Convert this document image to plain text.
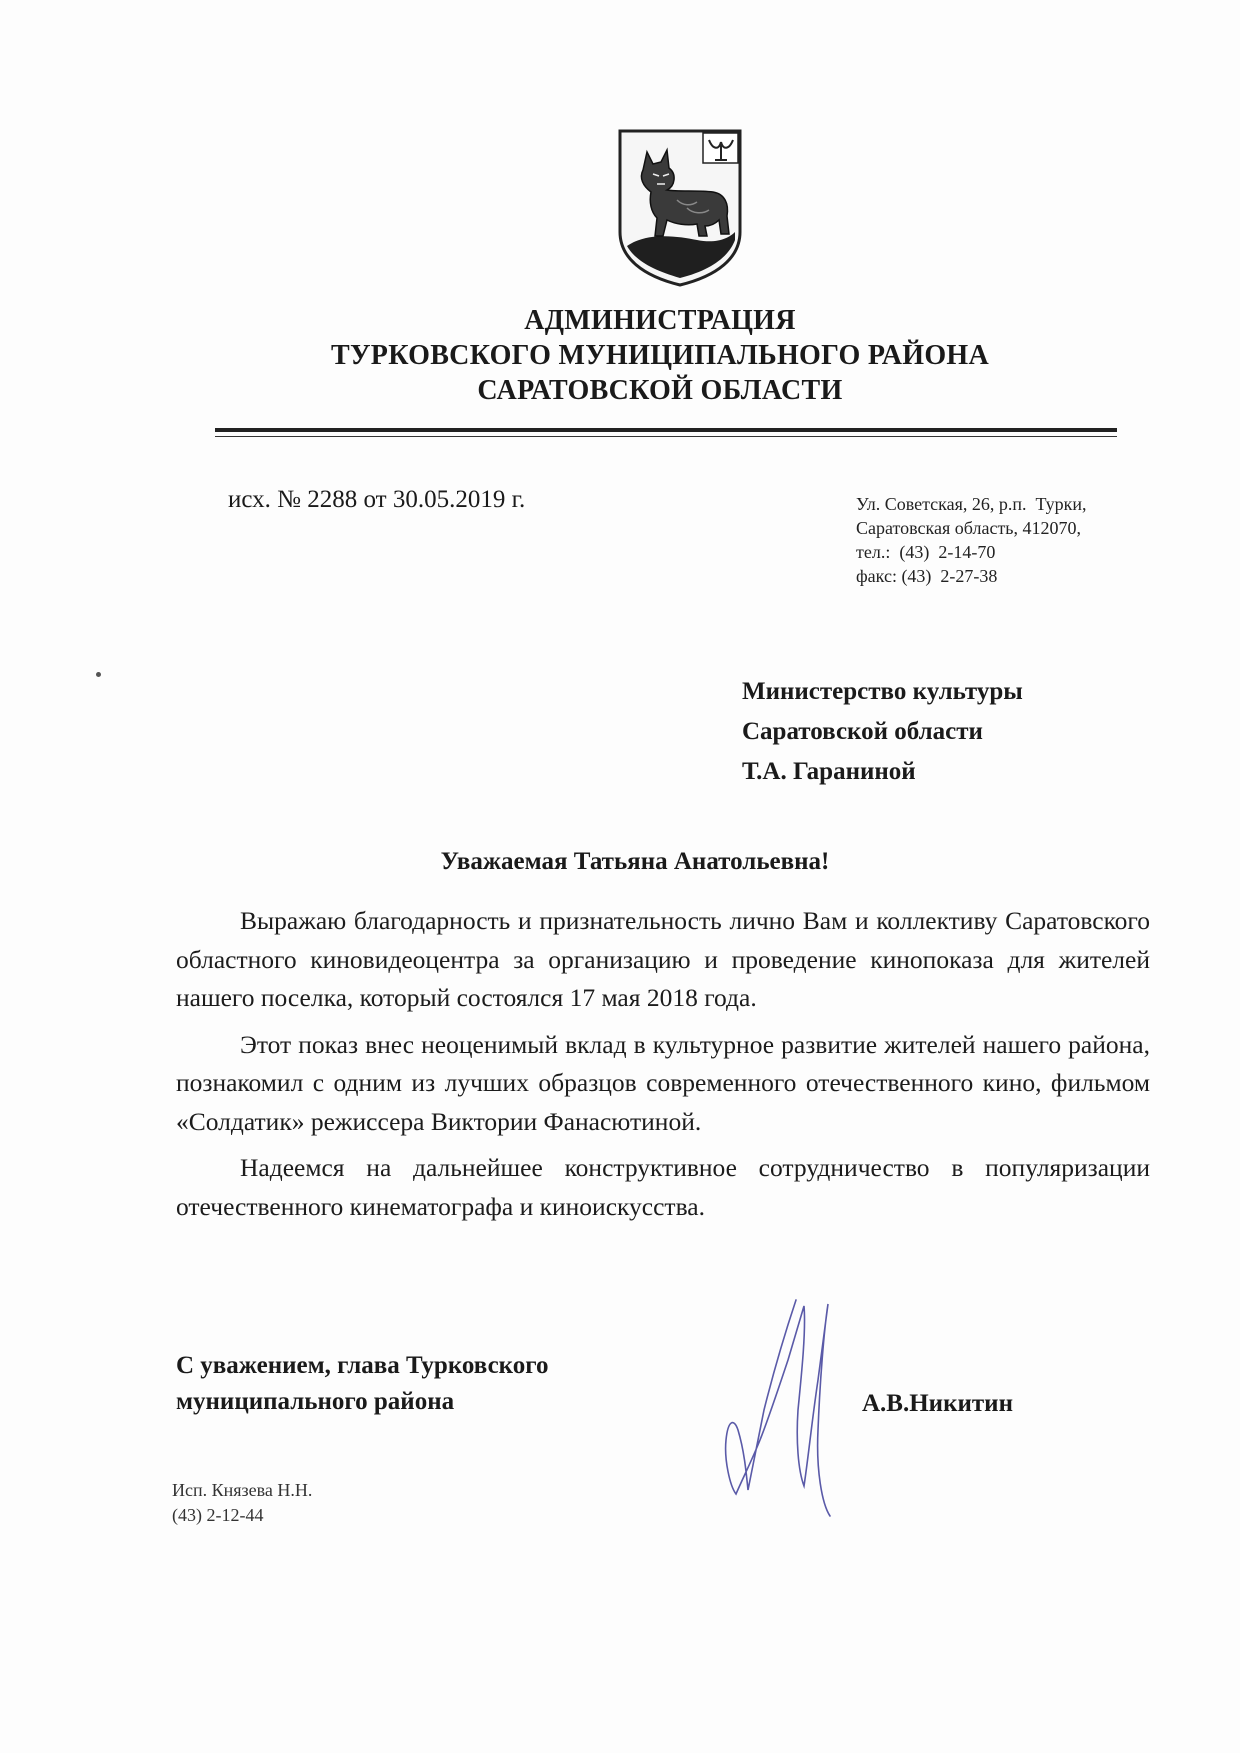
АДМИНИСТРАЦИЯ
ТУРКОВСКОГО МУНИЦИПАЛЬНОГО РАЙОНА
САРАТОВСКОЙ ОБЛАСТИ
исх. № 2288 от 30.05.2019 г.	Ул. Советская, 26, р.п.  Турки,
Саратовская область, 412070,
тел.:  (43)  2-14-70
факс: (43)  2-27-38
Министерство культуры
Саратовской области
Т.А. Гараниной
Уважаемая Татьяна Анатольевна!

Выражаю благодарность и признательность лично Вам и коллективу Саратовского областного киновидеоцентра за организацию и проведение кинопоказа для жителей нашего поселка, который состоялся 17 мая 2018 года.

Этот показ внес неоценимый вклад в культурное развитие жителей нашего района, познакомил с одним из лучших образцов современного отечественного кино, фильмом «Солдатик» режиссера Виктории Фанасютиной.

Надеемся на дальнейшее конструктивное сотрудничество в популяризации отечественного кинематографа и киноискусства.

С уважением, глава Турковского
муниципального района	А.В.Никитин
Исп. Князева Н.Н.
(43) 2-12-44
